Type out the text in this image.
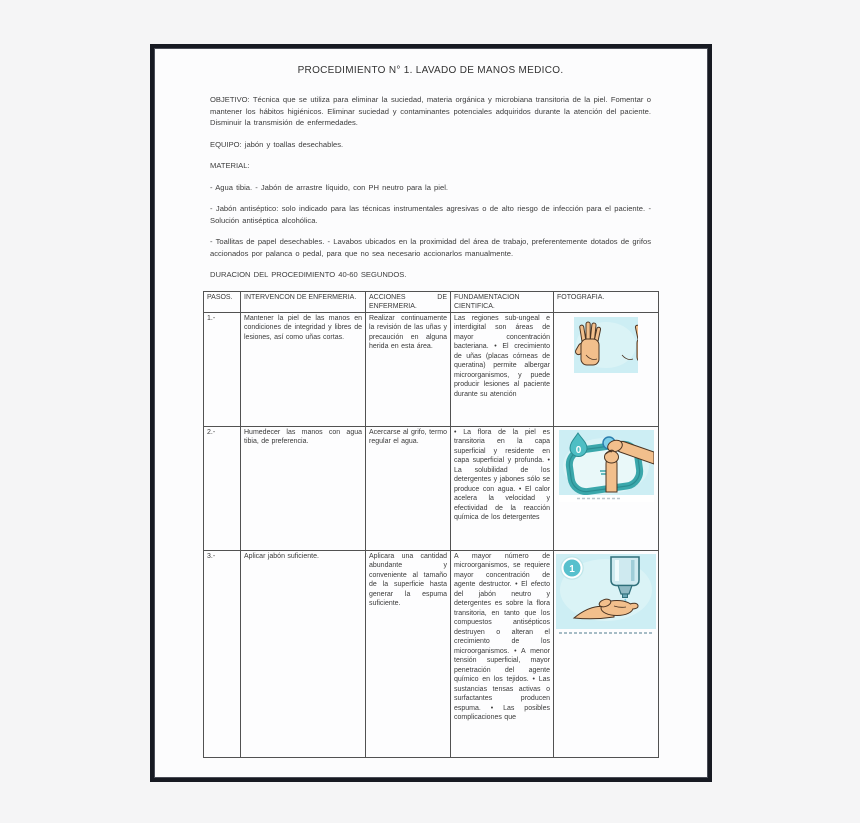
PROCEDIMIENTO N° 1. LAVADO DE MANOS MEDICO.

OBJETIVO: Técnica que se utiliza para eliminar la suciedad, materia orgánica y microbiana transitoria de la piel. Fomentar o mantener los hábitos higiénicos. Eliminar suciedad y contaminantes potenciales adquiridos durante la atención del paciente. Disminuir la transmisión de enfermedades.

EQUIPO: jabón y toallas desechables.

MATERIAL:

- Agua tibia. - Jabón de arrastre líquido, con PH neutro para la piel.

- Jabón antiséptico: solo indicado para las técnicas instrumentales agresivas o de alto riesgo de infección para el paciente. - Solución antiséptica alcohólica.

- Toallitas de papel desechables. - Lavabos ubicados en la proximidad del área de trabajo, preferentemente dotados de grifos accionados por palanca o pedal, para que no sea necesario accionarlos manualmente.

DURACION DEL PROCEDIMIENTO 40-60 SEGUNDOS.

PASOS.	INTERVENCON DE ENFERMERIA.	ACCIONES DE ENFERMERIA.	FUNDAMENTACION CIENTIFICA.	FOTOGRAFIA.
1.-	Mantener la piel de las manos en condiciones de integridad y libres de lesiones, así como uñas cortas.	Realizar continuamente la revisión de las uñas y precaución en alguna herida en esta área.	Las regiones sub-ungeal e interdigital son áreas de mayor concentración bacteriana. • El crecimiento de uñas (placas córneas de queratina) permite albergar microorganismos, y puede producir lesiones al paciente durante su atención	

2.-	Humedecer las manos con agua tibia, de preferencia.	Acercarse al grifo, termo regular el agua.	• La flora de la piel es transitoria en la capa superficial y residente en capa superficial y profunda. • La solubilidad de los detergentes y jabones sólo se produce con agua. • El calor acelera la velocidad y efectividad de la reacción química de los detergentes	0

3.-	Aplicar jabón suficiente.	Aplicara una cantidad abundante y conveniente al tamaño de la superficie hasta generar la espuma suficiente.	A mayor número de microorganismos, se requiere mayor concentración de agente destructor. • El efecto del jabón neutro y detergentes es sobre la flora transitoria, en tanto que los compuestos antisépticos destruyen o alteran el crecimiento de los microorganismos. • A menor tensión superficial, mayor penetración del agente químico en los tejidos. • Las sustancias tensas activas o surfactantes producen espuma. • Las posibles complicaciones que	1
